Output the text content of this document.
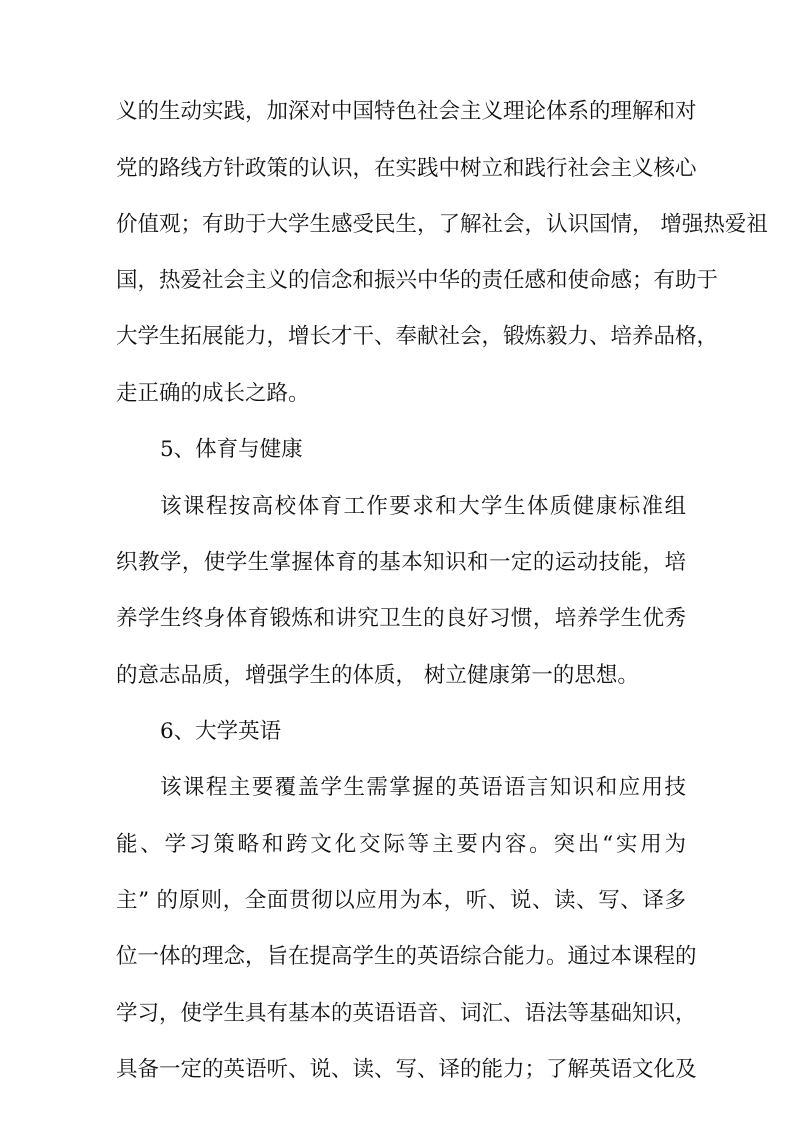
义的生动实践，加深对中国特色社会主义理论体系的理解和对
党的路线方针政策的认识，在实践中树立和践行社会主义核心
价值观；有助于大学生感受民生，了解社会，认识国情， 增强热爱祖
国，热爱社会主义的信念和振兴中华的责任感和使命感；有助于
大学生拓展能力，增长才干、奉献社会，锻炼毅力、培养品格，
走正确的成长之路。
5、体育与健康
该课程按高校体育工作要求和大学生体质健康标准组
织教学，使学生掌握体育的基本知识和一定的运动技能，培
养学生终身体育锻炼和讲究卫生的良好习惯，培养学生优秀
的意志品质，增强学生的体质， 树立健康第一的思想。
6、大学英语
该课程主要覆盖学生需掌握的英语语言知识和应用技
能、学习策略和跨文化交际等主要内容。突出“实用为
主” 的原则，全面贯彻以应用为本，听、说、读、写、译多
位一体的理念，旨在提高学生的英语综合能力。通过本课程的
学习，使学生具有基本的英语语音、词汇、语法等基础知识，
具备一定的英语听、说、读、写、译的能力；了解英语文化及
